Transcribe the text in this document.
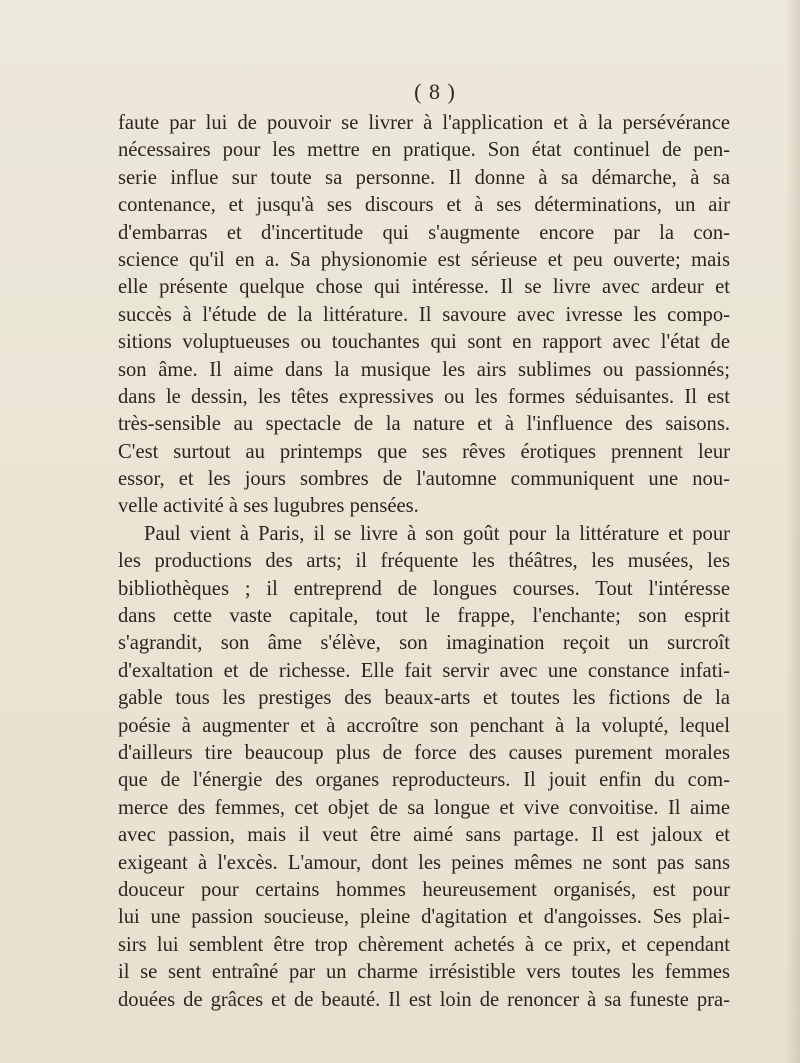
( 8 )
faute par lui de pouvoir se livrer à l'application et à la persévérance
nécessaires pour les mettre en pratique. Son état continuel de pen-
serie influe sur toute sa personne. Il donne à sa démarche, à sa
contenance, et jusqu'à ses discours et à ses déterminations, un air
d'embarras et d'incertitude qui s'augmente encore par la con-
science qu'il en a. Sa physionomie est sérieuse et peu ouverte; mais
elle présente quelque chose qui intéresse. Il se livre avec ardeur et
succès à l'étude de la littérature. Il savoure avec ivresse les compo-
sitions voluptueuses ou touchantes qui sont en rapport avec l'état de
son âme. Il aime dans la musique les airs sublimes ou passionnés;
dans le dessin, les têtes expressives ou les formes séduisantes. Il est
très-sensible au spectacle de la nature et à l'influence des saisons.
C'est surtout au printemps que ses rêves érotiques prennent leur
essor, et les jours sombres de l'automne communiquent une nou-
velle activité à ses lugubres pensées.
Paul vient à Paris, il se livre à son goût pour la littérature et pour
les productions des arts; il fréquente les théâtres, les musées, les
bibliothèques ; il entreprend de longues courses. Tout l'intéresse
dans cette vaste capitale, tout le frappe, l'enchante; son esprit
s'agrandit, son âme s'élève, son imagination reçoit un surcroît
d'exaltation et de richesse. Elle fait servir avec une constance infati-
gable tous les prestiges des beaux-arts et toutes les fictions de la
poésie à augmenter et à accroître son penchant à la volupté, lequel
d'ailleurs tire beaucoup plus de force des causes purement morales
que de l'énergie des organes reproducteurs. Il jouit enfin du com-
merce des femmes, cet objet de sa longue et vive convoitise. Il aime
avec passion, mais il veut être aimé sans partage. Il est jaloux et
exigeant à l'excès. L'amour, dont les peines mêmes ne sont pas sans
douceur pour certains hommes heureusement organisés, est pour
lui une passion soucieuse, pleine d'agitation et d'angoisses. Ses plai-
sirs lui semblent être trop chèrement achetés à ce prix, et cependant
il se sent entraîné par un charme irrésistible vers toutes les femmes
douées de grâces et de beauté. Il est loin de renoncer à sa funeste pra-
